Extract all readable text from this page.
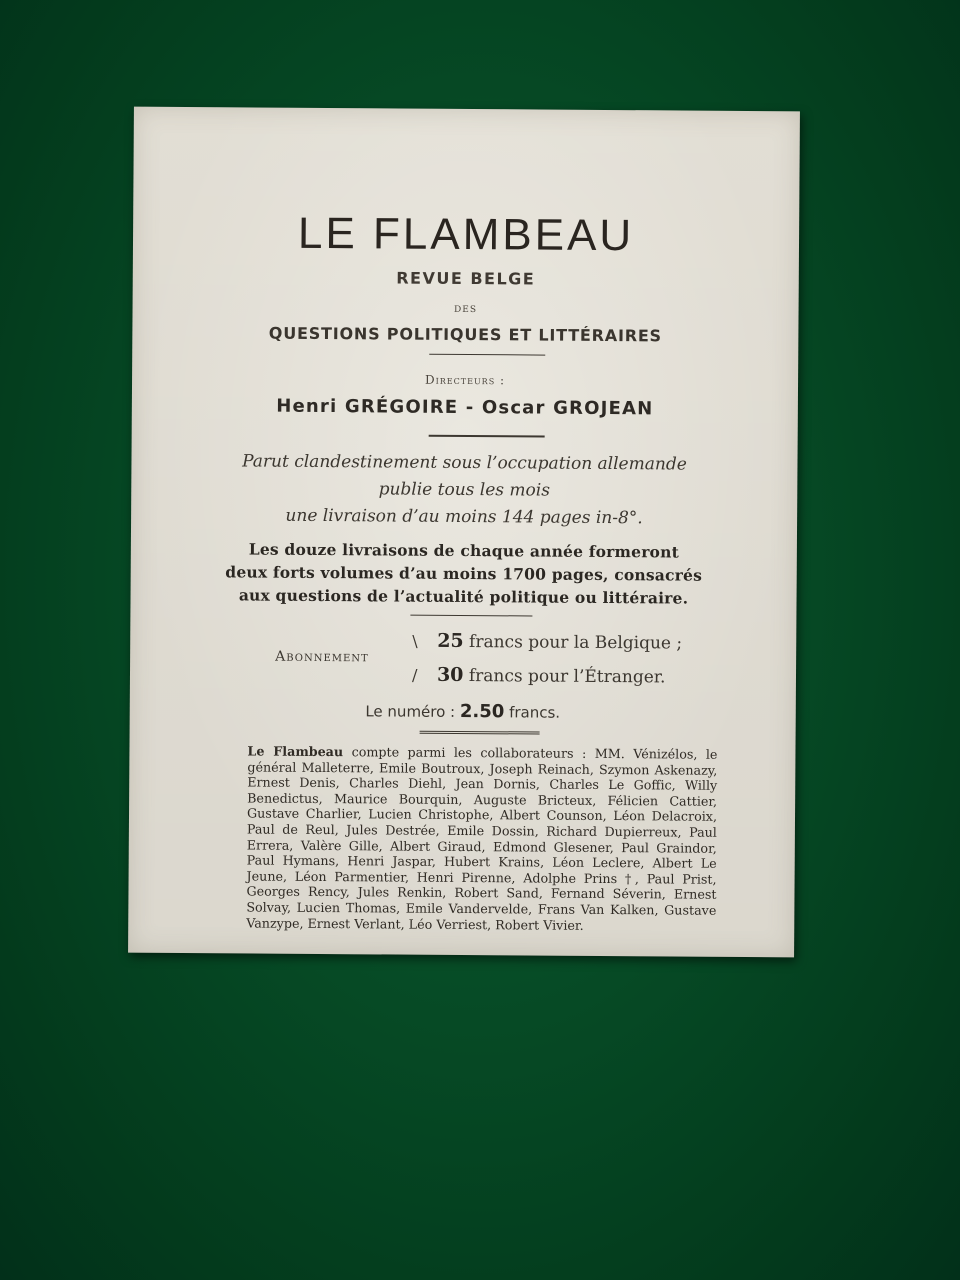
LE FLAMBEAU
REVUE BELGE
DES
QUESTIONS POLITIQUES ET LITTÉRAIRES
Directeurs :
Henri GRÉGOIRE - Oscar GROJEAN
Parut clandestinement sous l’occupation allemande
publie tous les mois
une livraison d’au moins 144 pages in-8°.
Les douze livraisons de chaque année formeront
deux forts volumes d’au moins 1700 pages, consacrés
aux questions de l’actualité politique ou littéraire.
Abonnement
\
/
25 francs pour la Belgique ;
30 francs pour l’Étranger.
Le numéro : 2.50 francs.
Le Flambeau compte parmi les collaborateurs : MM. Vénizélos, le général Malleterre, Emile Boutroux, Joseph Reinach, Szymon Askenazy, Ernest Denis, Charles Diehl, Jean Dornis, Charles Le Goffic, Willy Benedictus, Maurice Bourquin, Auguste Bricteux, Félicien Cattier, Gustave Charlier, Lucien Christophe, Albert Counson, Léon Delacroix, Paul de Reul, Jules Destrée, Emile Dossin, Richard Dupierreux, Paul Errera, Valère Gille, Albert Giraud, Edmond Glesener, Paul Graindor, Paul Hymans, Henri Jaspar, Hubert Krains, Léon Leclere, Albert Le Jeune, Léon Parmentier, Henri Pirenne, Adolphe Prins †, Paul Prist, Georges Rency, Jules Renkin, Robert Sand, Fernand Séverin, Ernest Solvay, Lucien Thomas, Emile Vandervelde, Frans Van Kalken, Gustave Vanzype, Ernest Verlant, Léo Verriest, Robert Vivier.
